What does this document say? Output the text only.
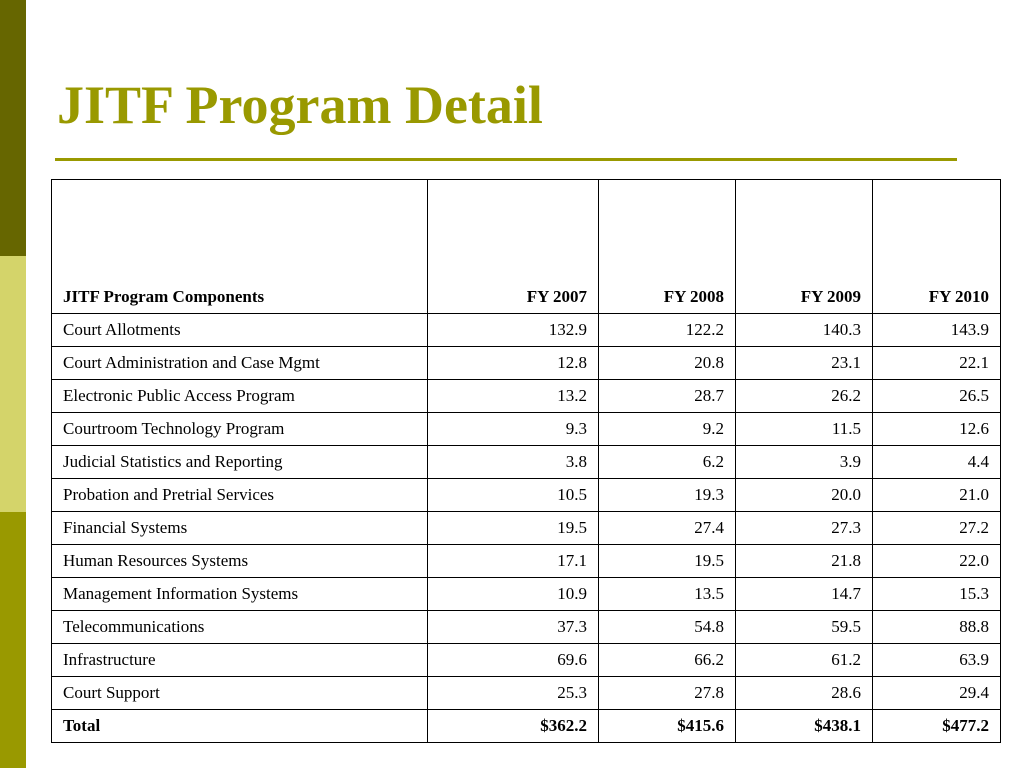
JITF Program Detail
JITF Program Components	FY 2007	FY 2008	FY 2009	FY 2010
Court Allotments	132.9	122.2	140.3	143.9
Court Administration and Case Mgmt	12.8	20.8	23.1	22.1
Electronic Public Access Program	13.2	28.7	26.2	26.5
Courtroom Technology Program	9.3	9.2	11.5	12.6
Judicial Statistics and Reporting	3.8	6.2	3.9	4.4
Probation and Pretrial Services	10.5	19.3	20.0	21.0
Financial Systems	19.5	27.4	27.3	27.2
Human Resources Systems	17.1	19.5	21.8	22.0
Management Information Systems	10.9	13.5	14.7	15.3
Telecommunications	37.3	54.8	59.5	88.8
Infrastructure	69.6	66.2	61.2	63.9
Court Support	25.3	27.8	28.6	29.4
Total	$362.2	$415.6	$438.1	$477.2
